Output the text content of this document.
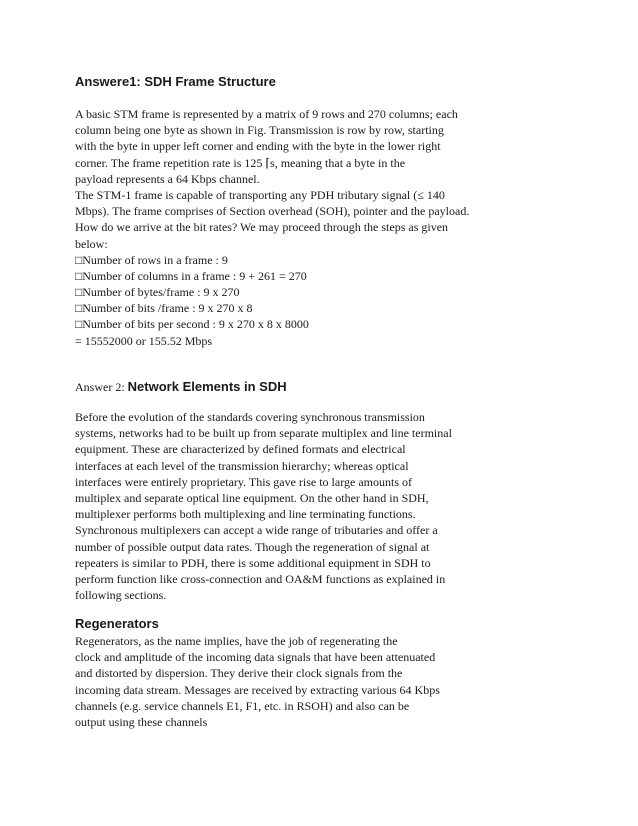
Answere1: SDH Frame Structure
A basic STM frame is represented by a matrix of 9 rows and 270 columns; each
column being one byte as shown in Fig. Transmission is row by row, starting
with the byte in upper left corner and ending with the byte in the lower right
corner. The frame repetition rate is 125 ⌈s, meaning that a byte in the
payload represents a 64 Kbps channel.
The STM-1 frame is capable of transporting any PDH tributary signal (≤ 140
Mbps). The frame comprises of Section overhead (SOH), pointer and the payload.
How do we arrive at the bit rates? We may proceed through the steps as given
below:
□Number of rows in a frame : 9
□Number of columns in a frame : 9 + 261 = 270
□Number of bytes/frame : 9 x 270
□Number of bits /frame : 9 x 270 x 8
□Number of bits per second : 9 x 270 x 8 x 8000
= 15552000 or 155.52 Mbps
Answer 2: Network Elements in SDH
Before the evolution of the standards covering synchronous transmission
systems, networks had to be built up from separate multiplex and line terminal
equipment. These are characterized by defined formats and electrical
interfaces at each level of the transmission hierarchy; whereas optical
interfaces were entirely proprietary. This gave rise to large amounts of
multiplex and separate optical line equipment. On the other hand in SDH,
multiplexer performs both multiplexing and line terminating functions.
Synchronous multiplexers can accept a wide range of tributaries and offer a
number of possible output data rates. Though the regeneration of signal at
repeaters is similar to PDH, there is some additional equipment in SDH to
perform function like cross-connection and OA&M functions as explained in
following sections.
Regenerators
Regenerators, as the name implies, have the job of regenerating the
clock and amplitude of the incoming data signals that have been attenuated
and distorted by dispersion. They derive their clock signals from the
incoming data stream. Messages are received by extracting various 64 Kbps
channels (e.g. service channels E1, F1, etc. in RSOH) and also can be
output using these channels
